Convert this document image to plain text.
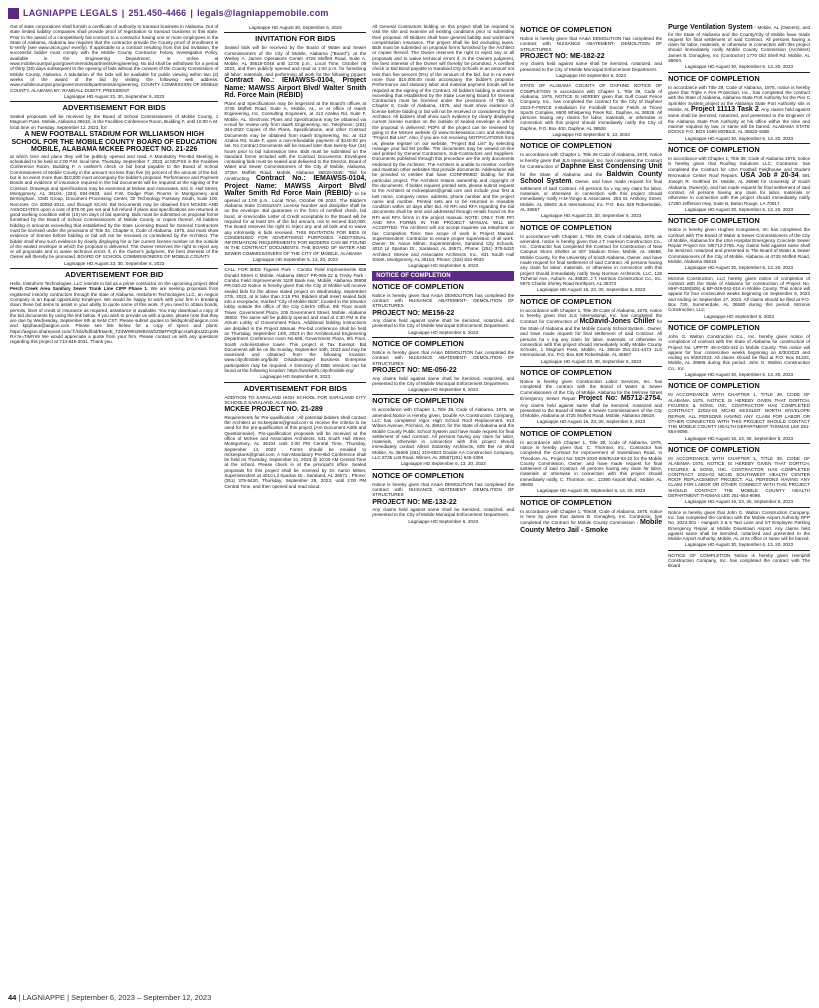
LAGNIAPPE LEGALS | 251.450-4466 | legals@lagniappemobile.com

Out of state corporations shall furnish a certificate of authority to transact business in Alabama. Out of state limited liability companies shall provide proof of registration to transact business in this state. Prior to the award of a competitively bid contract to a contractor having one or more employees in the State of Alabama, Alabama law requires that the contractor provide the County proof of enrollment in E-Verify (see www.uscis.gov/ everify). If applicable to a contract resulting from this bid invitation, the successful bidder must comply with the Mobile County Contractor Felony Investigation Policy, available in the Engineering Department, or online at www.mobilecountyal.gov/government/departments/engineering. No bid shall be withdrawn for a period of thirty (30) days subsequent to the opening of bids without the consent of the County Commission of Mobile County, Alabama. A tabulation of the bids will be available for public viewing within two (2) weeks of the award of the bid by visiting the following web address: www.mobilecountyal.gov/government/departments/engineering. COUNTY COMMISSION OF MOBILE COUNTY, ALABAMA BY: RANDALL DUEITT, PRESIDENT

Lagniappe HD August 23, 30, September 6, 2023
ADVERTISEMENT FOR BIDS

Sealed proposals will be received by the Board of School Commissioners of Mobile County, 1 Magnum Pass, Mobile, Alabama 36618, in the Facilities Conference Room, Building F, until 10:00 A.M. local time on Tuesday, September 12, 2023, for:

A NEW FOOTBALL STADIUM FOR WILLIAMSON HIGH SCHOOL FOR THE MOBILE COUNTY BOARD OF EDUCATION MOBILE, ALABAMA MCKEE PROJECT NO. 21-226

at which time and place they will be publicly opened and read. A Mandatory Pre-Bid Meeting is scheduled to be held at 2:00 P.M. local time, Thursday, September 7, 2023, at MCPSS in the Facilities Conference Room, Building F. A cashier's check or bid bond payable to the Board of School Commissioners of Mobile County in the amount not less than five (5) percent of the amount of the bid, but in no event more than $10,000 must accompany the bidder's proposal. Performance and Payment Bonds and evidence of insurance required in the bid documents will be required at the signing of the Contract. Drawings and specifications may be examined at Mckee and Associates, 631 S. Hull Street, Montgomery, AL 36104, (334) 834-9933, and F.W. Dodge Plan Rooms in Montgomery and Birmingham, CMD Group, Document Processing Center, 30 Technology Parkway South, Suite 100, Norcross, GA 30092-2912, and through SCAN. Bid Documents may be obtained from MCKEE AND ASSOCIATES upon a cost of $75.00 per set and full refund if plans and specifications are returned in good working condition within (10) ten days of bid opening. Bids must be submitted on proposal forms furnished by the Board of School Commissioners of Mobile County or copies thereof. All bidders bidding in amounts exceeding that established by the State Licensing Board for General Contractors must be licensed under the provisions of Title 34, Chapter 8, Code of Alabama, 1975, and must show evidence of license before bidding or bid will not be received or considered by the Architect. The bidder shall show such evidence by clearly displaying his or her current license number on the outside of the sealed envelope in which the proposal is delivered. The Owner reserves the right to reject any or all proposals and to waive technical errors if, in the Owner's judgment, the best interests of the Owner will thereby be promoted. BOARD OF SCHOOL COMMISSIONERS OF MOBILE COUNTY

Lagniappe HD August 23, 30, September 6, 2023
ADVERTISEMENT FOR BID

Hello, Insituform Technologies, LLC intends to bid as a prime contractor on the upcoming project titled Perch Creek Area Sanitary Sewer Trunk Line CIPP Phase 1. We are seeking proposals from registered minority contractors through the state of Alabama. Insituform Technologies LLC, an Aegion Company is an Equal opportunity Employer. We would be happy to work with your firm in breaking down these bid items to assist in your ability to quote some of this work. If you need to obtain bonds, permits, lines of credit or insurance as required, assistance is available. You may download a copy of the bid documents by using the link below. If you wish to provide us with a quote, please note that they are due by Wednesday, September 6th at 9AM CST. Please submit quotes to fieldsjohn@aegion.com and kpiphaus@aegion.com. Please see link below for a copy of specs and plans: https://aegion.sharepoint.com/:f:/s/is/bd/bid/EtwHE_TZ4WW91t9rBGWhZ0BFFtQfnpcr4aRqbUZZcpoN RA?e=TiMYn9 We would appreciate a quote from your firm. Please contact us with any questions regarding this project at 713-845-3031. Thank you.

Lagniappe HD August 30, September 6, 2023
INVITATION FOR BIDS

Sealed bids will be received by the Board of Water and Sewer Commissioners of the City of Mobile, Alabama ("Board"), at the Wesley A. James Operations Center 4725 Moffett Road, Suite A, Mobile, AL 36618-0349 until 12:00 p.m., Local Time, October 09 2023, and then publicly opened and read at 1:00 p.m. for furnishing all labor, materials, and performing all work for the following project: Contract No.: IEMAWSS-0104, Project Name: MAWSS Airport Blvd/ Walter Smith Rd. Force Main (REBID)

Plans and Specifications may be inspected at the Board's offices at 4725 Moffett Road, Suite A, Mobile, AL, or at office of Isaish Engineering, Inc. Consulting Engineers, at 413 Azalea Rd, Suite F, Mobile, AL. Electronic Plans and Specifications may be obtained via e-mail for review only from Isaish Engineering, Inc. Telephone: (251) 344-2022 Copies of the Plans, Specifications, and other Contract Documents may be obtained from Isaish Engineering, Inc. at 413 Azalea Rd, Suite F, upon a non-refundable payment of $140.00 per set. No Contract Documents will be issued later than twenty-four (24) hours prior to bid submission time. Bids must be submitted on the standard forms included with the Contract Documents. Envelopes containing bids must be sealed and delivered to the Director, Board of Water and Sewer Commissioners of the City of Mobile, Alabama, 4725A Moffett Road, Mobile, Alabama 36618-0349: "Bid for constructing Contract No.: IEMAWSS-0104, Project Name: MAWSS Airport Blvd/ Walter Smith Rd Force Main (REBID)" to be opened at 1:00 p.m., Local Time, October 09 2023. The Bidder's Alabama State Contractor's License Number and discipline shall be on the envelope. Bid guarantee in the form of certified check, bid bond, or irrevocable Letter of Credit acceptable to the Board will be required for at least 5% of the bid amount, not to exceed $10,000. The Board reserves the right to reject any and all bids and to waive any informality in bids received. THIS INVITATION FOR BIDS IS CONDENSED FOR ADVERTISING PURPOSES. ADDITIONAL INFORMATION/ REQUIREMENTS FOR BIDDERS CAN BE FOUND IN THE CONTRACT DOCUMENTS. THE BOARD OF WATER AND SEWER COMMISSIONERS OF THE CITY OF MOBILE, ALABAMA

Lagniappe HD September 6, 13, 20, 2023

CALL FOR BIDS Figures Park - Combo Field Improvements 658 Donald Street C Mobile, Alabama 36617 PR-066-22 & Trinity Park - Combo Field Improvements 3100 Bank Ave. Mobile, Alabama 36608 PR-040-22 Notice is hereby given that the City of Mobile will receive sealed bids for the above stated project on Wednesday, September 27th, 2023, at or later than 2:15 PM. Bidders shall insert sealed bids into a receptacle, marked "City of Mobile Bids", located in the elevator lobby outside the office of the City Clerk's Office, 9th Floor South Tower, Government Plaza, 205 Government Street, Mobile, Alabama 36602. The same will be publicly opened and read at 2:30 PM in the Atrium Lobby of Government Plaza. Additional bidding instructions are detailed in the Project Manual. Pre-bid conference shall be held on Thursday, September 14th, 2023 in the Architectural Engineering Department Conference room No.558, Government Plaza, 5th Floor, South Administrative tower. This project is Tax Exempt. Bid Documents will be on file Sunday, September 10th, 2023 and may be examined and obtained from the following location: www.cityofmobile.org/bids/ Disadvantaged Business Enterprise participation may be required. A Directory of DBE Vendors can be found at the following location: https://workwith.cityofmobile.org/

Lagniappe HD September 6, 2023
ADVERTISEMENT FOR BIDS

ADDITION TO SARALAND HIGH SCHOOL FOR SARALAND CITY SCHOOLS SARALAND, ALABAMA

MCKEE PROJECT NO. 21-289

Requirements for Pre-qualification : All potential bidders shall contact the Architect at mckeeplans@gmail.com to receive the criteria to be used for the pre-qualification of this project (AIA Document A305 and Questionnaire). Pre-qualification proposals will be received at the office of McKee and Associates Architects, 631 South Hull Street, Montgomery, AL 36104 until 2:00 PM Central Time, Thursday, September 14, 2023 . Forms should be emailed to mckeeplans@gmail.com. A Non-Mandatory Pre-Bid Conference shall be held on Thursday, September 21, 2023 @ 10:00 AM Central Time at the school. Please check in at the principal's office. Sealed proposals for this project shall be received by Dr. Aaron Milner, Superintendent at 4010 Lil Spartan Dr., Saraland, AL 36571 , Phone: (251) 375-5420, Thursday, September 28, 2023, until 2:00 PM Central Time, and then opened and read aloud.

All General Contractors bidding on this project shall be required to visit the site and examine all existing conditions prior to submitting their proposal. All Bidders shall have general liability and workman's compensation insurance. The project shall be bid excluding taxes. Bids must be submitted on proposal forms furnished by the Architect or copies thereof. The Owner reserves the right to reject any or all proposals and to waive technical errors if, in the Owners judgment, the best interests of the Owner will thereby be promoted. A certified check or Bid Bond payable to Saraland City Schools in an amount not less than five percent (5%) of the amount of the bid, but in no event more than $10,000.00 must accompany the bidder's proposal. Performance and statutory labor and material payment bonds will be required at the signing of the Contract. All bidders bidding in amounts exceeding that established by the State Licensing Board for General Contractors must be licensed under the provisions of Title 34, Chapter 8, Code of Alabama, 1975, and must show evidence of license before bidding or bid will not be received or considered by the Architect. All bidders shall show such evidence by clearly displaying current license number on the outside of sealed envelope in which the proposal is delivered. PDFs of the project can be reviewed by going to the McKee website @ www.mckeeassoc.com and selecting "Project Bid List". Also, if you are not receiving NOTIFICATIONS from us, please register on our website, "Project Bid List" by selecting manage your bid list profile. The documents may be viewed on-line and printed by General Contractors, Sub-Contractors and Suppliers. Documents published through this procedure are the only documents endorsed by the Architect. The Architect is unable to monitor, confirm and maintain other websites that provide documents. Addendums will be provided to entities that have CONFIRMED bidding for this particular project. The Architect retains ownership and copyright of the documents. If bidder requires printed sets, please submit request to the Architect at mckeeplans@gmail.com and include your first & last name, company name, address, phone number and the project name and number. Printed sets are to be returned in reusable condition within 10 days after bid. All RFI and RFA regarding the bid documents shall be sent and addressed through emails found on the RFI and RFA forms in the project manual. NOTE: ONLY THE RFI AND RFA FORMS IN THE PROJECT MANUAL WILL BE ACCEPTED. The Architect will not accept inquiries via telephone or fax. Completion Time: See scope of work in Project Manual. Superintendent: Contractor to ensure proper supervision of all work. Owner: Dr. Aaron Milner, Superintendent, Saraland City Schools, 4010 Lil Spartan Dr., Saraland, AL 36571, Phone: (251) 375-5420 Architect: McKee and Associates Architects, Inc., 631 South Hull Street, Montgomery, AL 36104, Phone: (334) 834-9933

Lagniappe HD September 6, 2023
NOTICE OF COMPLETION
NOTICE OF COMPLETION

Notice is hereby given that AA&A DEMOLITION has completed the contract with NUISANCE ABATEMENT- DEMOLITION OF STRUCTURES

PROJECT NO: ME156-22

Any claims held against same shall be itemized, notarized, and presented to the City of Mobile Municipal Enforcement Department.

Lagniappe HD September 6, 2023
NOTICE OF COMPLETION

Notice is hereby given that AA&A DEMOLITION has completed the contract with NUISANCE ABATEMENT- DEMOLITION OF STRUCTURES

PROJECT NO: ME-056-22

Any claims held against same shall be itemized, notarized, and presented to the City of Mobile Municipal Enforcement Department.

Lagniappe HD September 6, 2023
NOTICE OF COMPLETION

In accordance with Chapter 1, Title 39, Code of Alabama, 1975, as amended,Notice is Hereby given, Double AA Construction Company, LLC has completed Vigor High School Roof Replacement. 913 Wilson Avenue, Prichard, AL 36610, for the State of Alabama and the Mobile County Public School System and have made request for final settlement of said contract. All persons having any claim for labor, materials, otherwise in connection with this project should immediately contact Allred Stolarsky Architects, 605 Bel Air Blvd Mobile, AL 36606 (251) 219-6823 Double AA Construction Company, LLC 8735 Lott Road, Wilmer, AL 36587(251) 645-2366

Lagniappe HD September 6, 13, 20, 2023
NOTICE OF COMPLETION

Notice is hereby given that AA&A DEMOLITION has completed the contract with NUISANCE ABATEMENT- DEMOLITION OF STRUCTURES

PROJECT NO: ME-132-22

Any claims held against same shall be itemized, notarized, and presented to the City of Mobile Municipal Enforcement Department.

Lagniappe HD September 6, 2023
NOTICE OF COMPLETION

Notice is hereby given that AA&A DEMOLITION has completed the contract with NUISANCE ABATEMENT- DEMOLITION OF STRUCTURES

PROJECT NO: ME-182-22

Any claims held against same shall be itemized, notarized, and presented to the City of Mobile Municipal Enforcement Department.

Lagniappe HD September 6, 2023

STATE OF ALABAMA COUNTY OF DAPHNE NOTICE OF COMPLETION In accordance with Chapter 1, Title 39, Code of Alabama, 1975, NOTICE IS HEREBY given that Gulf Coast Fence Company, Inc., has completed the contract for the City of Daphne/ 2023-F-FENCE Installation for Football/ Soccer Fields at Trione Sports Complex, 8600 Whispering Pines Rd., Daphne, AL 36526. All persons having any claims for labor, materials, or otherwise in connection with this project should immediately notify the City of Daphne, P.O. Box 400, Daphne, AL 36526

Lagniappe HD September 6, 13, 2023
NOTICE OF COMPLETION

In accordance with Chapter 1, Title 39 Code of Alabama, 1975, notice is hereby given that JLS Internatinal, Inc. has completed the Contract for Construction of Daphne East Condensing Unit for the State of Alabama and the Baldwin County School System, Owner, and have made request for final settlement of said Contract. All persons ha v ing any claim for labor, materials, or otherwise in connection with this project should immediately notify H.M.Yonge & Associates, 253 St. Anthony Street, Mobile, AL 36603 JLS International, Inc. P.O. Box 928 Robertsdale, AL 36567

Lagniappe HD August 23, 30, September 6, 2023
NOTICE OF COMPLETION

In accordance with Chapter 1, Title 39, Code of Alabama, 1975, as amended, notice is hereby given that J.T. Harrison Construction Co., Inc., Contractor has completed the Contract for Construction of New Campus Storm Shelter at 307 Stadium Drive, Mobile, AL 36688, Mobile County, for the University of South Alabama, Owner, and have made request for final settlement of said Contract. All persons having any claim for labor, materials, or otherwise in connection with this project should immediately notify Seay Norman Architects, LLC, 126 Tichenor Ave., Auburn, AL 36830. J.T. Harrison Construction Co., Inc. 5870 Charlie Shirley Road Northport, AL 35473

Lagniappe HD August 16, 23, 30, September 6, 2023
NOTICE OF COMPLETION

In accordance with Chapter 1, Title 39 Code of Alabama, 1975, notice is hereby given that JLS International, Inc. has completed the Contract for Construction of McDavid-Jones Chiller for the State of Alabama and the Mobile County School System , Owner, and have made request for final settlement of said Contract. All persons ha v ing any claim for labor, materials, or otherwise in connection with this project should immediately notify Mobile County Schools, 1 Magnum Pass, Mobile, AL 36618 251-221-4473 JLS International, Inc. P.O. Box 928 Robertsdale, AL 36567

Lagniappe HD August 23, 30, September 6, 2023
NOTICE OF COMPLETION

Notice is hereby given Construction Labor Services, Inc. has completed the contract with the Board of Water & Sewer Commissioners of the City of Mobile, Alabama for the Melrose Street Emergency Sewer Repair Project No: M5712-2754. Any claims held against same shall be itemized, notarized and presented to the Board of Water & Sewer Commissioners of the City of Mobile, Alabama at 4725 Moffett Road, Mobile, Alabama 36618.

Lagniappe HD August 16, 23, 30, September 6, 2023
NOTICE OF COMPLETION

In accordance with Chapter 1, Title 39, Code of Alabama, 1975, notice is hereby given that, C. Thornton, Inc., Contractor has completed the Contract for Improvement of Sweetdown Road, in Theodore, AL, Project No: MCR-2020-005/RA49-03-22 for the Mobile County Commission, Owner, and have made request for final settlement of said Contract. All persons having any claim for labor, materials or otherwise in connection with this project should immediately notify, C. Thornton, Inc., 12390 Airport Blvd., Mobile, AL 36608

Lagniappe HD August 30, September 6, 13, 20, 2023
NOTICE OF COMPLETION

In accordance with Chapter 1, Title39, Code of Alabama, 1975, notice is here by given that James B. Donaghey, Inc. Contractor, has completed the Contract for Mobile County Commission - Mobile County Metro Jail - Smoke

Purge Ventilation System - Mobile, AL (Owners), and for the State of Alabama and the County/City of Mobile have made request for final settlement of said Contract. All persons having a claim for labor, materials, or otherwise in connection with this project should immediately notify Mobile County Commission (Architect) James B. Donaghey, Inc (Contractor) 1770 Old Shell Rd. Mobile, AL 36604.

Lagniappe HD August 30, September 6, 13, 20, 2023
NOTICE OF COMPLETION

In accordance with Title 39, Code of Alabama, 1975, notice is hereby given that Triple A Fire Protection, Inc., has completed the contract with the State of Alabama, Alabama State Port Authority for the Pier C Sprinkler System project at the Alabama State Port Authority sits in Mobile, AL Project 11113 Task 2. Any claims held against same shall be itemized, notarized, and presented to the Engineer of the Alabama State Port Authority at his office within the time and manner required by law, or same will be barred. ALABAMA STATE DOCKS P.O. BOX 1588 MOBILE, AL 36633-1588

Lagniappe HD August 30, September 6, 13, 20, 2023
NOTICE OF COMPLETION

In accordance with Chapter 1, Title 39, Code of Alabama 1975, notice is hereby given that Roofing Solutions LLC, Contractor, has completed the Contract for USA Football Fieldhouse and Student Recreation Center Roof Repairs, USA Job # 20-34, 591 Joseph R. Gottfried Dr. Mobile, AL 36688 for University of South Alabama, Owner(s), and has made request for final settlement of said contract. All persons having any claim for labor, materials or otherwise in connection with this project should immediately notify 17260 Jefferson Hwy, Suite B, Baton Rouge, LA 70817.

Lagniappe HD August 30, September 6, 13, 20, 2023
NOTICE OF COMPLETION

Notice is hereby given Hughes Companies, Inc has completed the contract with The Board of Water & Sewer Commissioners of the City of Mobile, Alabama for the USA Hospital Emergency Concrete Sewer Repair Project No: M5712-2755. Any claims held against same shall be itemized, notarized and presented to The Board of Water & Sewer Commissioners of the City of Mobile, Alabama at 4725 Moffett Road, Mobile, Alabama 36618.

Lagniappe HD August 30, September 6, 13, 20, 2023

McInnis Construction, LLC hereby gives notice of completion of contract with the State of Alabama for construction of Project No. MHF-0158(505) & BP-049-042-016 in Mobile County. This notice will appear for four consecutive weeks beginning on September 6, 2023 and ending on September 27, 2023. All claims should be filed at P.O. Box 730, Summerdale, AL 36580 during this period. McInnis Construction, LLC

Lagniappe HD September 6, 2023
NOTICE OF COMPLETION

John G. Walton Construction Co., Inc. hereby gives notice of completion of contract with the State of Alabama for construction of Project No. UPPTF 49-2-020-442 in Mobile County. This notice will appear for four consecutive weeks beginning on 8/30/2023 and ending on 9/20/2023. All claims should be filed at P.O. Box 81223, Mobile, AL 36689 during this period. John G. Walton Construction Co., Inc.

Lagniappe HD August 30, September 6, 13, 20, 2023
NOTICE OF COMPLETION

IN ACCORDANCE WITH CHAPTER 1, TITLE 39, CODE OF ALABAMA 1975, NOTICE IS HEREBY GIVEN THAT DORTCH, FIGURES & SONS, INC. CONTRACTOR HAS COMPLETED CONTRACT 22022-03 MCHD KESSLER NORTH ENVELOPE REPAIR. ALL PERSONS HAVING ANY CLAIM FOR LABOR OR OTHER CONNECTED WITH THIS PROJECT SHOULD CONTACT THE MOBILE COUNTY HEALTH DEPARTMENT THOMAS LEE 251-654-9098.

Lagniappe HD August 16, 23, 30, September 6, 2023
NOTICE OF COMPLETION

IN ACCORDANCE WITH CHAPTER 1, TITLE 39, CODE OF ALABAMA 1975, NOTICE IS HEREBY GIVEN THAT DORTCH, FIGURES & SONS, INC. CONTRACTOR HAS COMPLETED CONTRACT 2023-02 MCHD SOUTHWEST HEALTH CENTER ROOF REPLACEMENT PROJECT. ALL PERSONS HAVING ANY CLAIM FOR LABOR OR OTHER CONNECT WITH THIS PROJECT SHOULD CONTACT THE MOBILE COUNTY HEALTH DEPARTMENT THOMAS LEE 251-654-9098.

Lagniappe HD August 16, 23, 30, September 6, 2023

Notice is hereby given that John G. Walton Construction Company, Inc. has completed the contract with the Mobile Airport Authority RFP No. 2023-001 - Hangars 3 & 5 Taxi Lane and ST Employee Parking Emergency Repair at Mobile Downtown Airport. Any claims held against same shall be itemized, notarized and presented to the Mobile Airport Authority, Mobile, AL at its office or same will be barred.

Lagniappe HD August 30, September 6, 13, 20, 2023

NOTICE OF COMPLETION Notice is hereby given Hemphill Construction Company, Inc. has completed the contract with The Board

44 | LAGNIAPPE | September 6, 2023 – September 12, 2023
